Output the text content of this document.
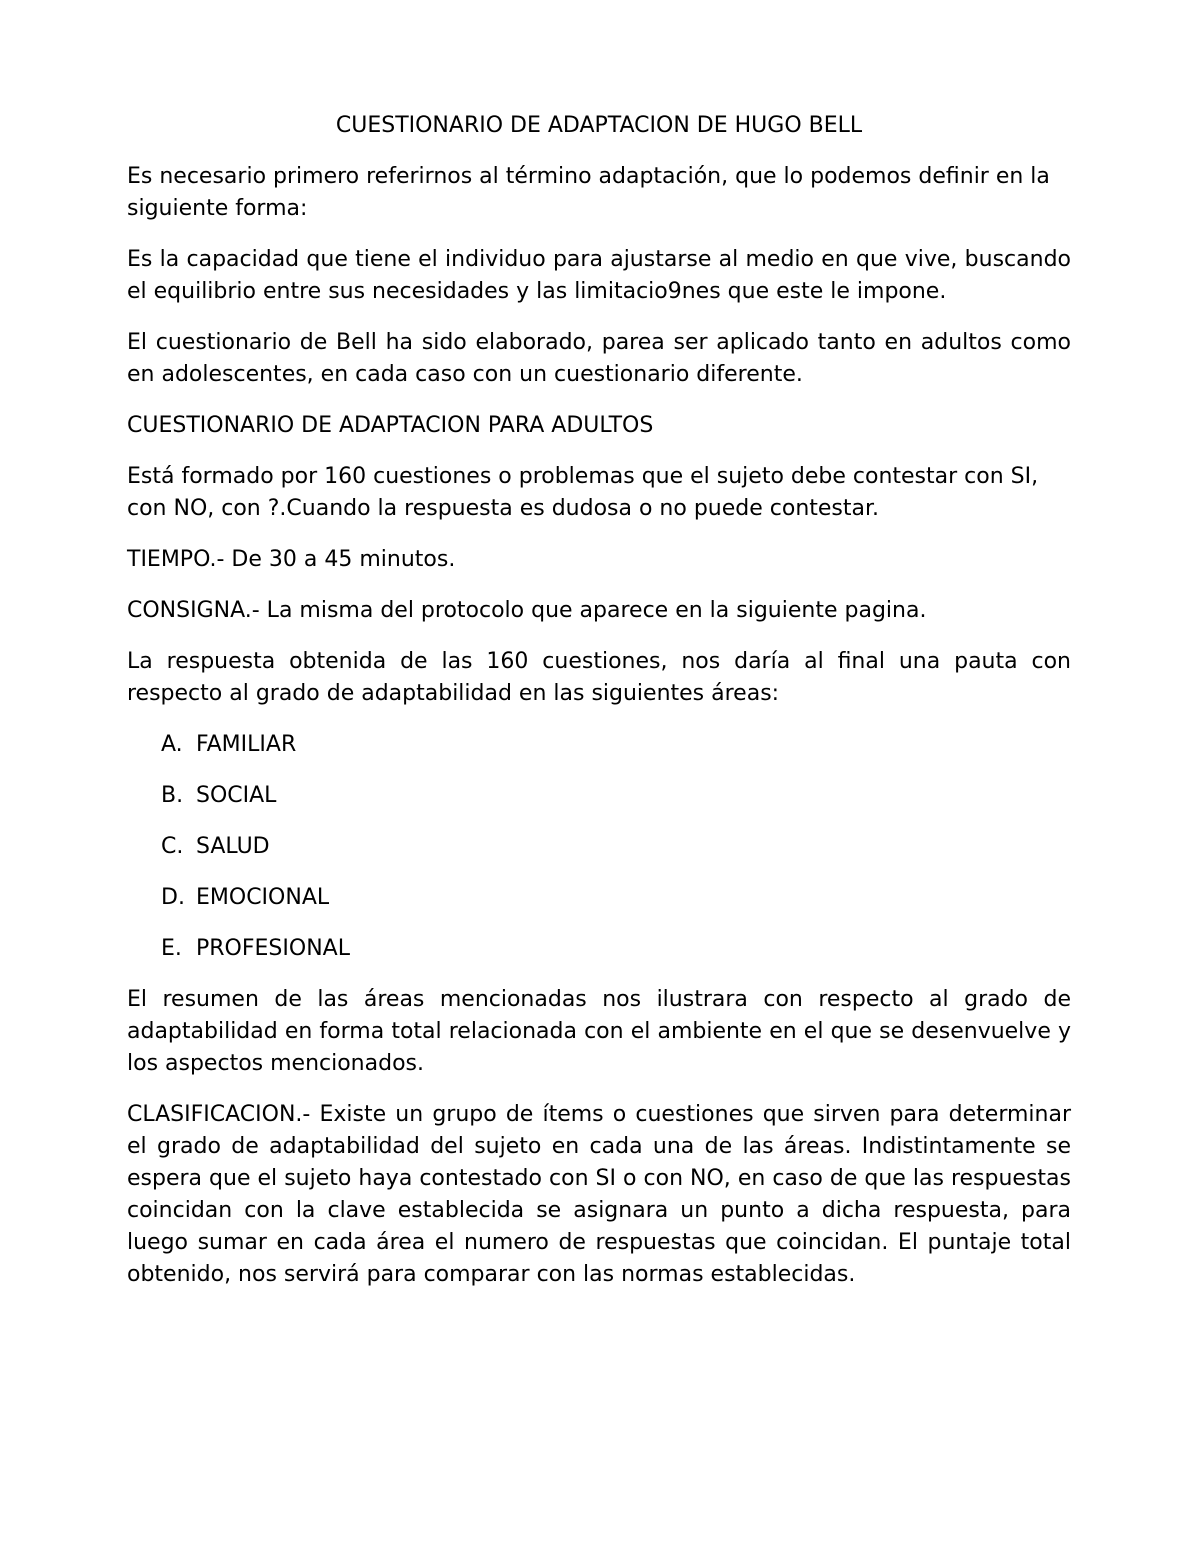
CUESTIONARIO DE ADAPTACION DE HUGO BELL

Es necesario primero referirnos al término adaptación, que lo podemos definir en la siguiente forma:

Es la capacidad que tiene el individuo para ajustarse al medio en que vive, buscando el equilibrio entre sus necesidades y las limitacio9nes que este le impone.

El cuestionario de Bell ha sido elaborado, parea ser aplicado tanto en adultos como en adolescentes, en cada caso con un cuestionario diferente.

CUESTIONARIO DE ADAPTACION PARA ADULTOS

Está formado por 160 cuestiones o problemas que el sujeto debe contestar con SI, con NO, con ?.Cuando la respuesta es dudosa o no puede contestar.

TIEMPO.- De 30 a 45 minutos.

CONSIGNA.- La misma del protocolo que aparece en la siguiente pagina.

La respuesta obtenida de las 160 cuestiones, nos daría al final una pauta con respecto al grado de adaptabilidad en las siguientes áreas:

A. FAMILIAR
B. SOCIAL
C. SALUD
D. EMOCIONAL
E. PROFESIONAL

El resumen de las áreas mencionadas nos ilustrara con respecto al grado de adaptabilidad en forma total relacionada con el ambiente en el que se desenvuelve y los aspectos mencionados.

CLASIFICACION.- Existe un grupo de ítems o cuestiones que sirven para determinar el grado de adaptabilidad del sujeto en cada una de las áreas. Indistintamente se espera que el sujeto haya contestado con SI o con NO, en caso de que las respuestas coincidan con la clave establecida se asignara un punto a dicha respuesta, para luego sumar en cada área el numero de respuestas que coincidan. El puntaje total obtenido, nos servirá para comparar con las normas establecidas.
